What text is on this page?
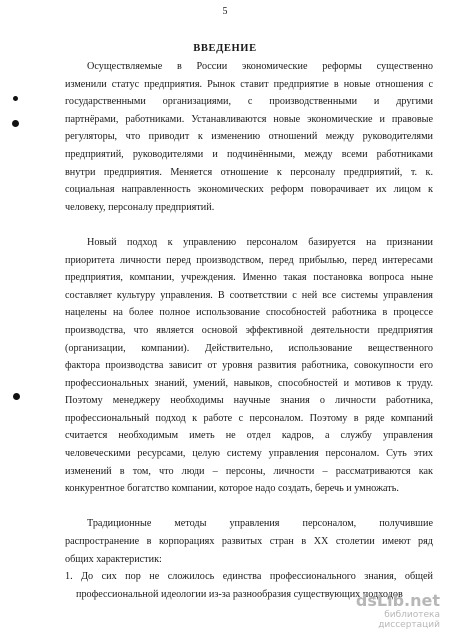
5
ВВЕДЕНИЕ
Осуществляемые в России экономические реформы существенно
изменили статус предприятия. Рынок ставит предприятие в новые отношения с
государственными организациями, с производственными и другими
партнёрами, работниками. Устанавливаются новые экономические и правовые
регуляторы, что приводит к изменению отношений между руководителями
предприятий, руководителями и подчинёнными, между всеми работниками
внутри предприятия. Меняется отношение к персоналу предприятий, т. к.
социальная направленность экономических реформ поворачивает их лицом к
человеку, персоналу предприятий.
Новый подход к управлению персоналом базируется на признании
приоритета личности перед производством, перед прибылью, перед интересами
предприятия, компании, учреждения. Именно такая постановка вопроса ныне
составляет культуру управления. В соответствии с ней все системы управления
нацелены на более полное использование способностей работника в процессе
производства, что является основой эффективной деятельности предприятия
(организации, компании). Действительно, использование вещественного
фактора производства зависит от уровня развития работника, совокупности его
профессиональных знаний, умений, навыков, способностей и мотивов к труду.
Поэтому менеджеру необходимы научные знания о личности работника,
профессиональный подход к работе с персоналом. Поэтому в ряде компаний
считается необходимым иметь не отдел кадров, а службу управления
человеческими ресурсами, целую систему управления персоналом. Суть этих
изменений в том, что люди – персоны, личности – рассматриваются как
конкурентное богатство компании, которое надо создать, беречь и умножать.
Традиционные методы управления персоналом, получившие
распространение в корпорациях развитых стран в XX столетии имеют ряд
общих характеристик:
1. До сих пор не сложилось единства профессионального знания, общей
профессиональной идеологии из-за разнообразия существующих подходов
dsLib.net
библиотека диссертаций
